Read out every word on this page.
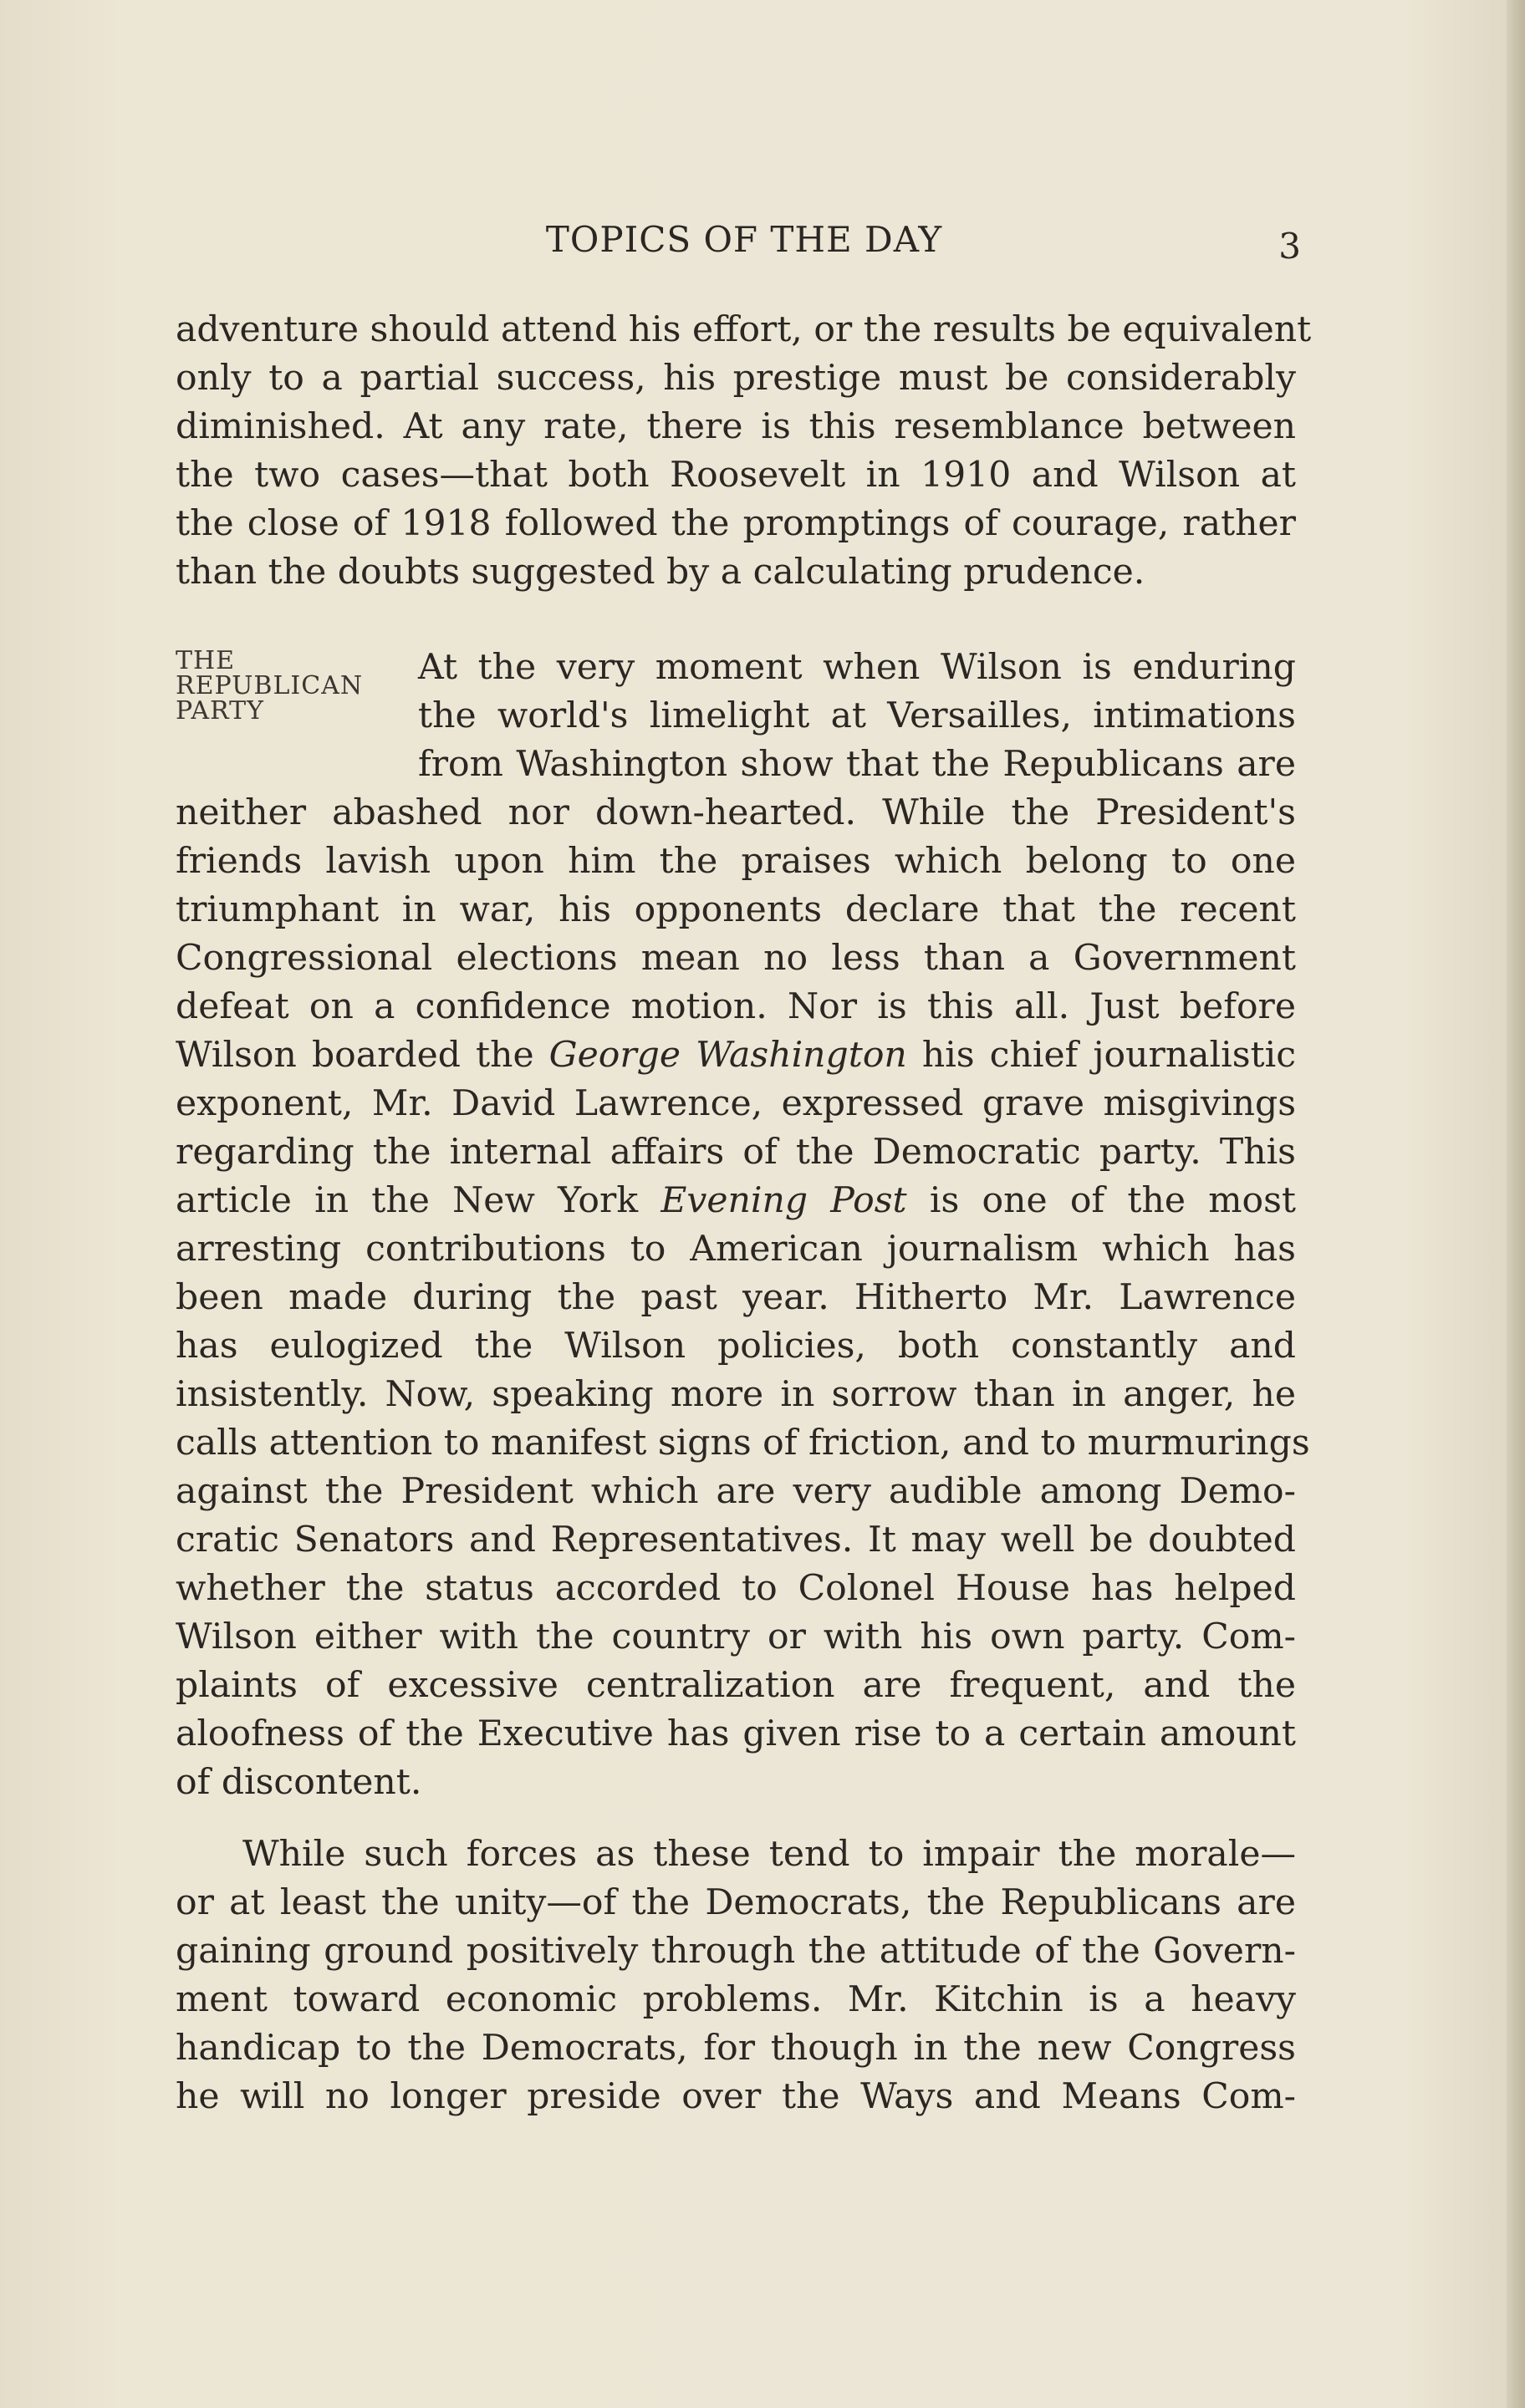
TOPICS OF THE DAY	3
adventure should attend his effort, or the results be equivalent
only to a partial success, his prestige must be considerably
diminished. At any rate, there is this resemblance between
the two cases—that both Roosevelt in 1910 and Wilson at
the close of 1918 followed the promptings of courage, rather
than the doubts suggested by a calculating prudence.
THE
REPUBLICAN
PARTY
At the very moment when Wilson is enduring
the world's limelight at Versailles, intimations
from Washington show that the Republicans are
neither abashed nor down-hearted. While the President's
friends lavish upon him the praises which belong to one
triumphant in war, his opponents declare that the recent
Congressional elections mean no less than a Government
defeat on a confidence motion. Nor is this all. Just before
Wilson boarded the George Washington his chief journalistic
exponent, Mr. David Lawrence, expressed grave misgivings
regarding the internal affairs of the Democratic party. This
article in the New York Evening Post is one of the most
arresting contributions to American journalism which has
been made during the past year. Hitherto Mr. Lawrence
has eulogized the Wilson policies, both constantly and
insistently. Now, speaking more in sorrow than in anger, he
calls attention to manifest signs of friction, and to murmurings
against the President which are very audible among Demo-
cratic Senators and Representatives. It may well be doubted
whether the status accorded to Colonel House has helped
Wilson either with the country or with his own party. Com-
plaints of excessive centralization are frequent, and the
aloofness of the Executive has given rise to a certain amount
of discontent.
While such forces as these tend to impair the morale—
or at least the unity—of the Democrats, the Republicans are
gaining ground positively through the attitude of the Govern-
ment toward economic problems. Mr. Kitchin is a heavy
handicap to the Democrats, for though in the new Congress
he will no longer preside over the Ways and Means Com-
